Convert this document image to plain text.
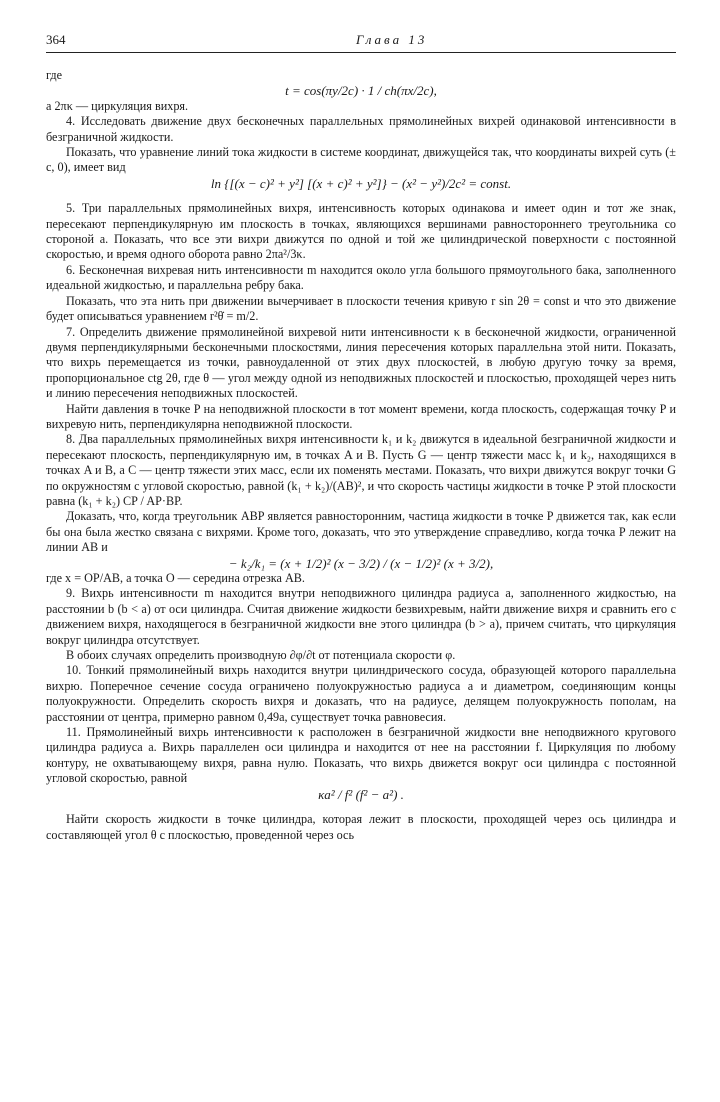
364	Глава 13

где

t = cos(πy/2c) · 1 / ch(πx/2c),

а 2πκ — циркуляция вихря.

4. Исследовать движение двух бесконечных параллельных прямолинейных вихрей одинаковой интенсивности в безграничной жидкости.

Показать, что уравнение линий тока жидкости в системе координат, движущейся так, что координаты вихрей суть (± c, 0), имеет вид

ln {[(x − c)² + y²] [(x + c)² + y²]} − (x² − y²)/2c² = const.

5. Три параллельных прямолинейных вихря, интенсивность которых одинакова и имеет один и тот же знак, пересекают перпендикулярную им плоскость в точках, являющихся вершинами равностороннего треугольника со стороной a. Показать, что все эти вихри движутся по одной и той же цилиндрической поверхности с постоянной скоростью, и время одного оборота равно 2πa²/3κ.

6. Бесконечная вихревая нить интенсивности m находится около угла большого прямоугольного бака, заполненного идеальной жидкостью, и параллельна ребру бака.

Показать, что эта нить при движении вычерчивает в плоскости течения кривую r sin 2θ = const и что это движение будет описываться уравнением r²θ̇ = m/2.

7. Определить движение прямолинейной вихревой нити интенсивности κ в бесконечной жидкости, ограниченной двумя перпендикулярными бесконечными плоскостями, линия пересечения которых параллельна этой нити. Показать, что вихрь перемещается из точки, равноудаленной от этих двух плоскостей, в любую другую точку за время, пропорциональное ctg 2θ, где θ — угол между одной из неподвижных плоскостей и плоскостью, проходящей через нить и линию пересечения неподвижных плоскостей.

Найти давления в точке P на неподвижной плоскости в тот момент времени, когда плоскость, содержащая точку P и вихревую нить, перпендикулярна неподвижной плоскости.

8. Два параллельных прямолинейных вихря интенсивности k₁ и k₂ движутся в идеальной безграничной жидкости и пересекают плоскость, перпендикулярную им, в точках A и B. Пусть G — центр тяжести масс k₁ и k₂, находящихся в точках A и B, а C — центр тяжести этих масс, если их поменять местами. Показать, что вихри движутся вокруг точки G по окружностям с угловой скоростью, равной (k₁ + k₂)/(AB)², и что скорость частицы жидкости в точке P этой плоскости равна (k₁ + k₂) CP / AP·BP.

Доказать, что, когда треугольник ABP является равносторонним, частица жидкости в точке P движется так, как если бы она была жестко связана с вихрями. Кроме того, доказать, что это утверждение справедливо, когда точка P лежит на линии AB и

− k₂/k₁ = (x + 1/2)² (x − 3/2) / (x − 1/2)² (x + 3/2),

где x = OP/AB, а точка O — середина отрезка AB.

9. Вихрь интенсивности m находится внутри неподвижного цилиндра радиуса a, заполненного жидкостью, на расстоянии b (b < a) от оси цилиндра. Считая движение жидкости безвихревым, найти движение вихря и сравнить его с движением вихря, находящегося в безграничной жидкости вне этого цилиндра (b > a), причем считать, что циркуляция вокруг цилиндра отсутствует.

В обоих случаях определить производную ∂φ/∂t от потенциала скорости φ.

10. Тонкий прямолинейный вихрь находится внутри цилиндрического сосуда, образующей которого параллельна вихрю. Поперечное сечение сосуда ограничено полуокружностью радиуса a и диаметром, соединяющим концы полуокружности. Определить скорость вихря и доказать, что на радиусе, делящем полуокружность пополам, на расстоянии от центра, примерно равном 0,49a, существует точка равновесия.

11. Прямолинейный вихрь интенсивности κ расположен в безграничной жидкости вне неподвижного кругового цилиндра радиуса a. Вихрь параллелен оси цилиндра и находится от нее на расстоянии f. Циркуляция по любому контуру, не охватывающему вихря, равна нулю. Показать, что вихрь движется вокруг оси цилиндра с постоянной угловой скоростью, равной

κa² / f² (f² − a²) .

Найти скорость жидкости в точке цилиндра, которая лежит в плоскости, проходящей через ось цилиндра и составляющей угол θ с плоскостью, проведенной через ось
